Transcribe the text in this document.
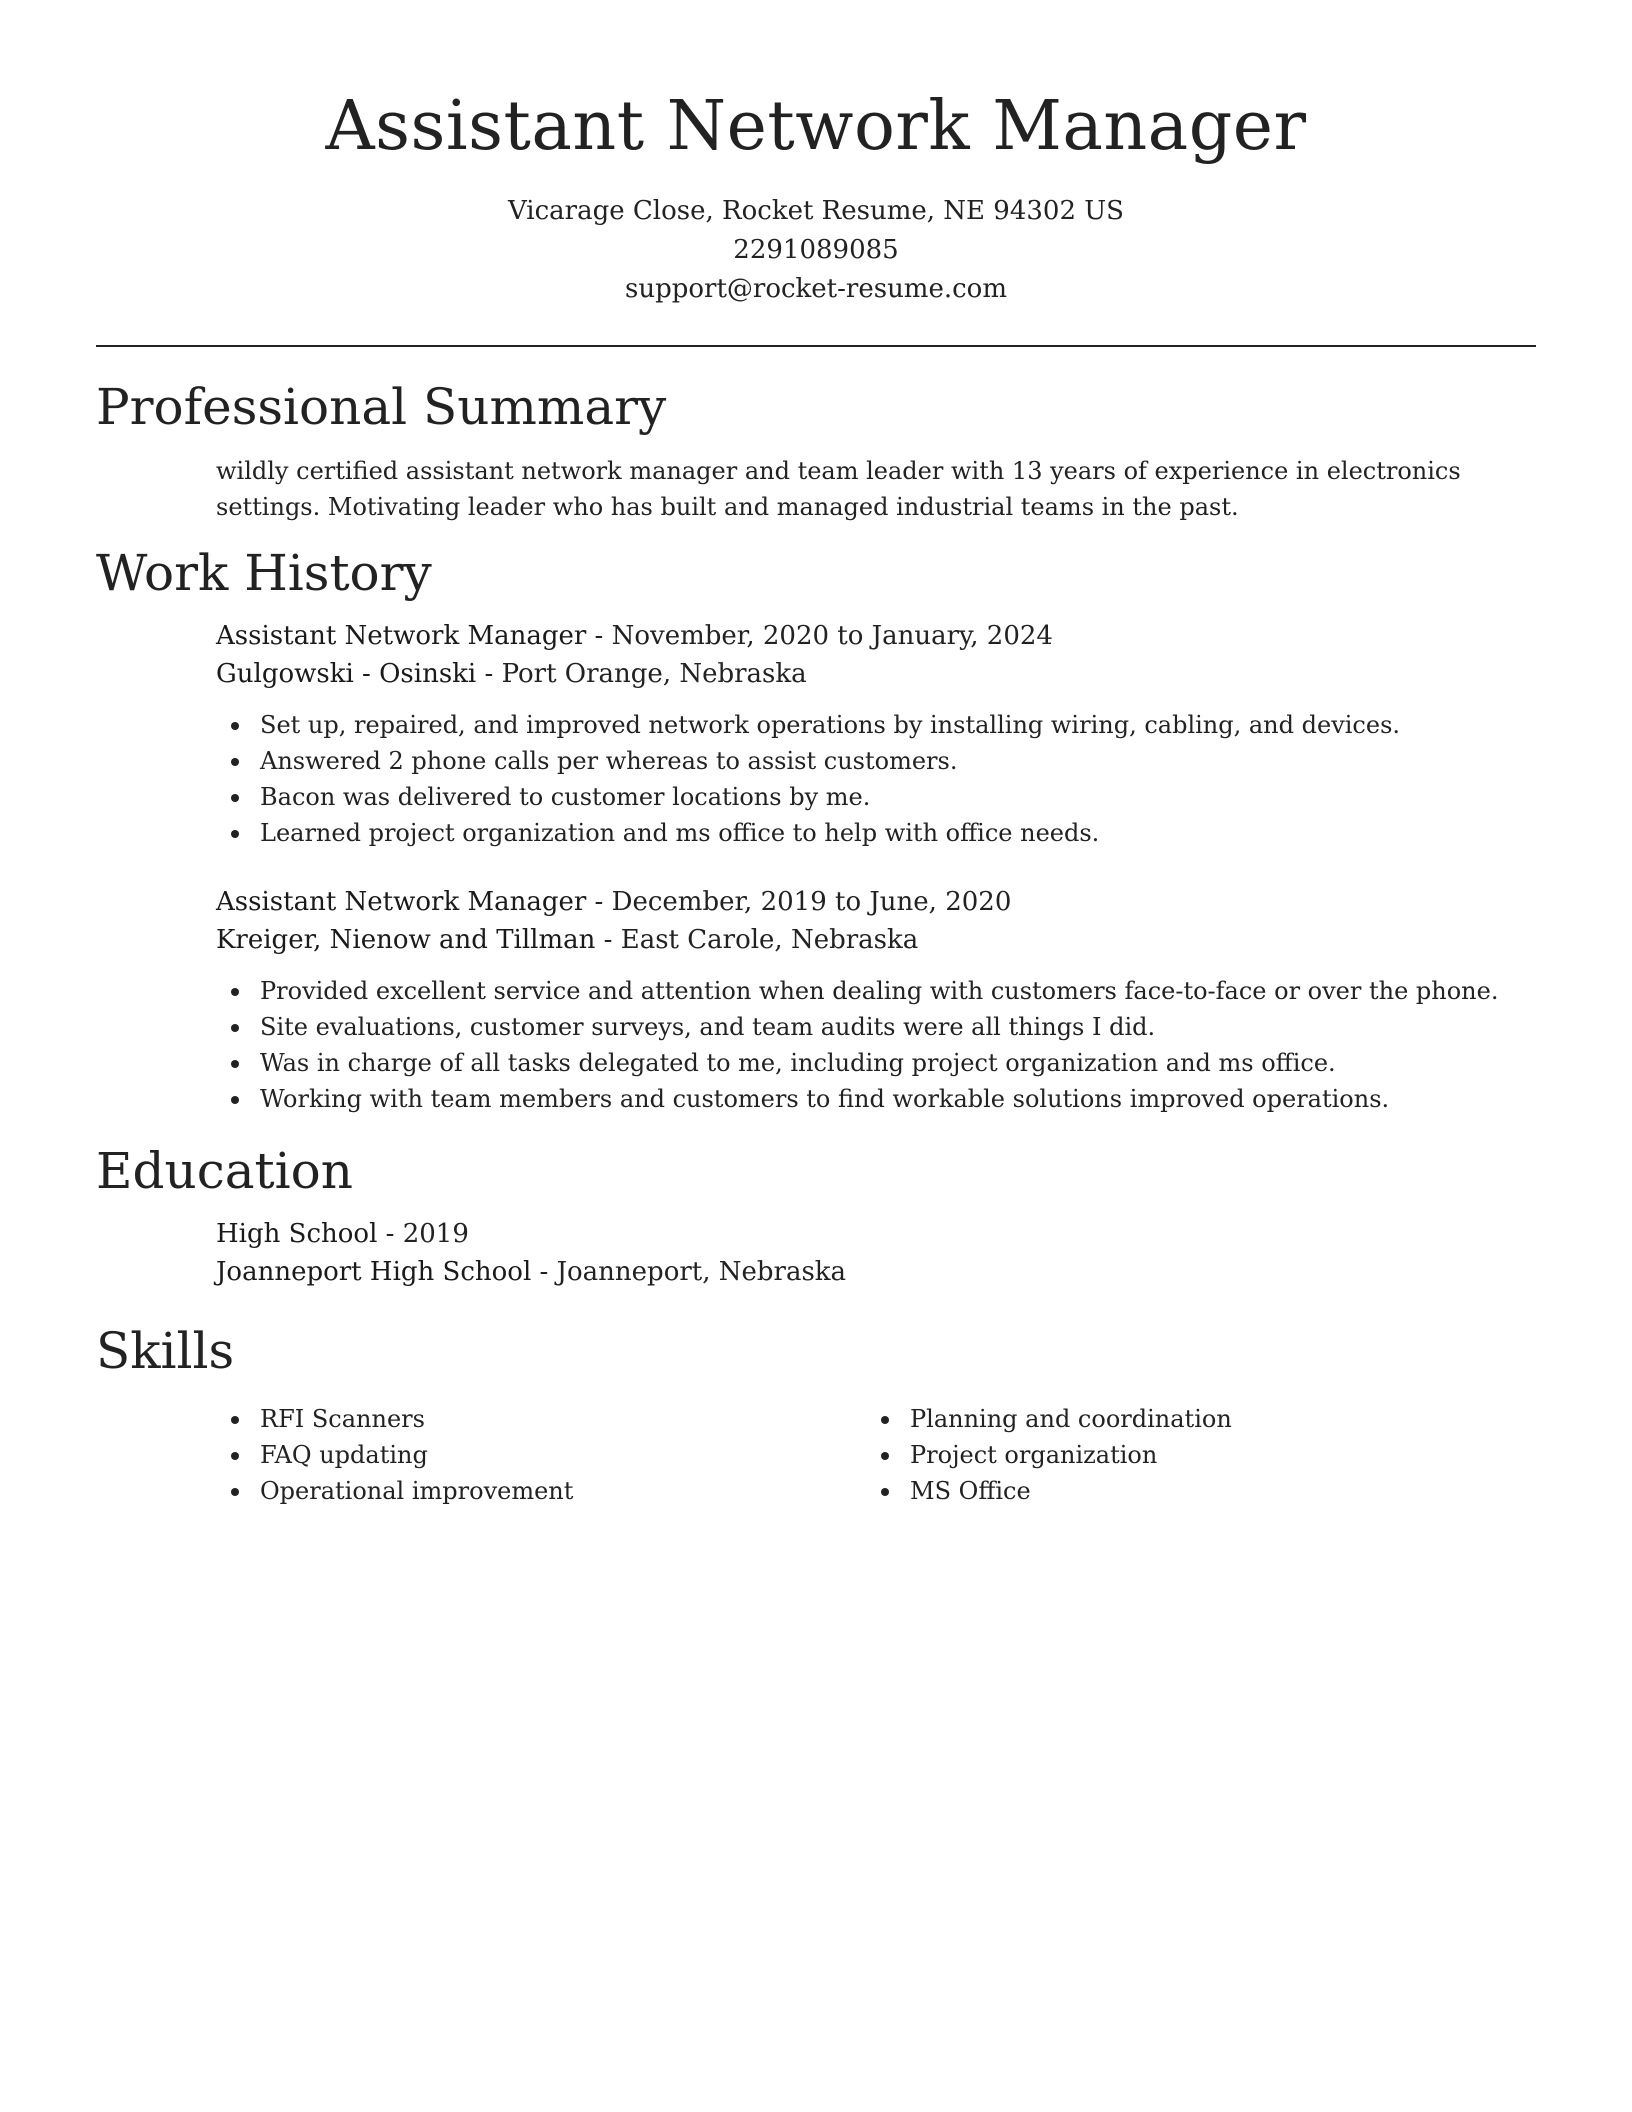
Assistant Network Manager
Vicarage Close, Rocket Resume, NE 94302 US
2291089085
support@rocket-resume.com
Professional Summary

wildly certified assistant network manager and team leader with 13 years of experience in electronics settings. Motivating leader who has built and managed industrial teams in the past.

Work History
Assistant Network Manager - November, 2020 to January, 2024
Gulgowski - Osinski - Port Orange, Nebraska
Set up, repaired, and improved network operations by installing wiring, cabling, and devices.
Answered 2 phone calls per whereas to assist customers.
Bacon was delivered to customer locations by me.
Learned project organization and ms office to help with office needs.
Assistant Network Manager - December, 2019 to June, 2020
Kreiger, Nienow and Tillman - East Carole, Nebraska
Provided excellent service and attention when dealing with customers face-to-face or over the phone.
Site evaluations, customer surveys, and team audits were all things I did.
Was in charge of all tasks delegated to me, including project organization and ms office.
Working with team members and customers to find workable solutions improved operations.
Education
High School - 2019
Joanneport High School - Joanneport, Nebraska
Skills
RFI Scanners
FAQ updating
Operational improvement
Planning and coordination
Project organization
MS Office
